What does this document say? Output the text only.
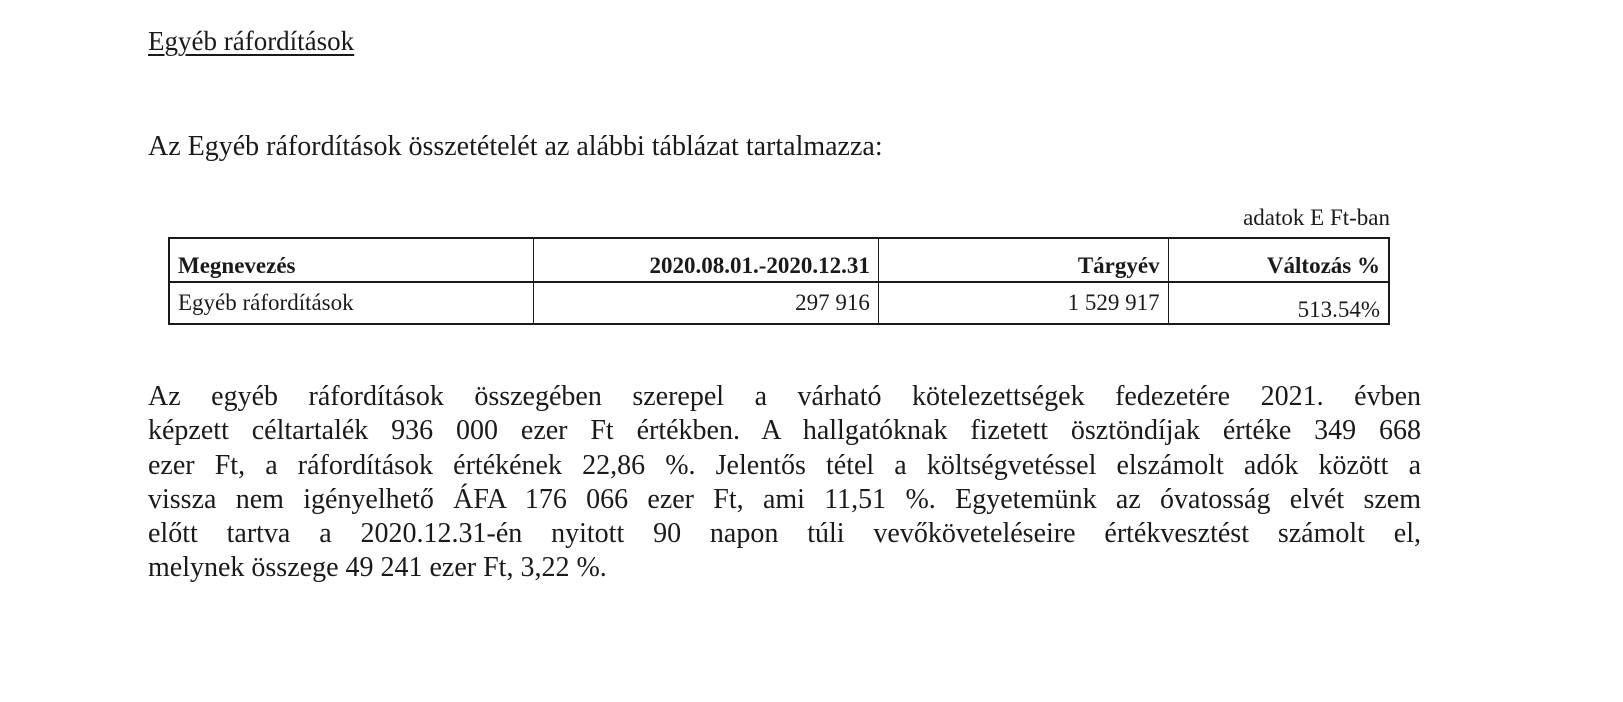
Egyéb ráfordítások
Az Egyéb ráfordítások összetételét az alábbi táblázat tartalmazza:
adatok E Ft-ban
Megnevezés	2020.08.01.-2020.12.31	Tárgyév	Változás %
Egyéb ráfordítások	297 916	1 529 917	513.54%
Az egyéb ráfordítások összegében szerepel a várható kötelezettségek fedezetére 2021. évben
képzett céltartalék 936 000 ezer Ft értékben. A hallgatóknak fizetett ösztöndíjak értéke 349 668
ezer Ft, a ráfordítások értékének 22,86 %. Jelentős tétel a költségvetéssel elszámolt adók között a
vissza nem igényelhető ÁFA 176 066 ezer Ft, ami 11,51 %. Egyetemünk az óvatosság elvét szem
előtt tartva a 2020.12.31-én nyitott 90 napon túli vevőköveteléseire értékvesztést számolt el,
melynek összege 49 241 ezer Ft, 3,22 %.
